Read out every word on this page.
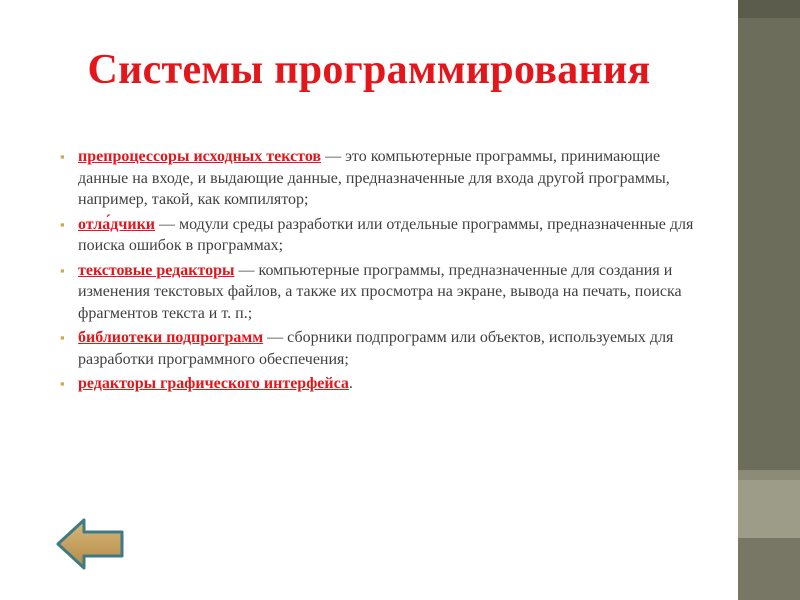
Системы программирования
▪ препроцессоры исходных текстов — это компьютерные программы, принимающие данные на входе, и выдающие данные, предназначенные для входа другой программы, например, такой, как компилятор;
▪ отла́дчики — модули среды разработки или отдельные программы, предназначенные для поиска ошибок в программах;
▪ текстовые редакторы — компьютерные программы, предназначенные для создания и изменения текстовых файлов, а также их просмотра на экране, вывода на печать, поиска фрагментов текста и т. п.;
▪ библиотеки подпрограмм — сборники подпрограмм или объектов, используемых для разработки программного обеспечения;
▪ редакторы графического интерфейса.
